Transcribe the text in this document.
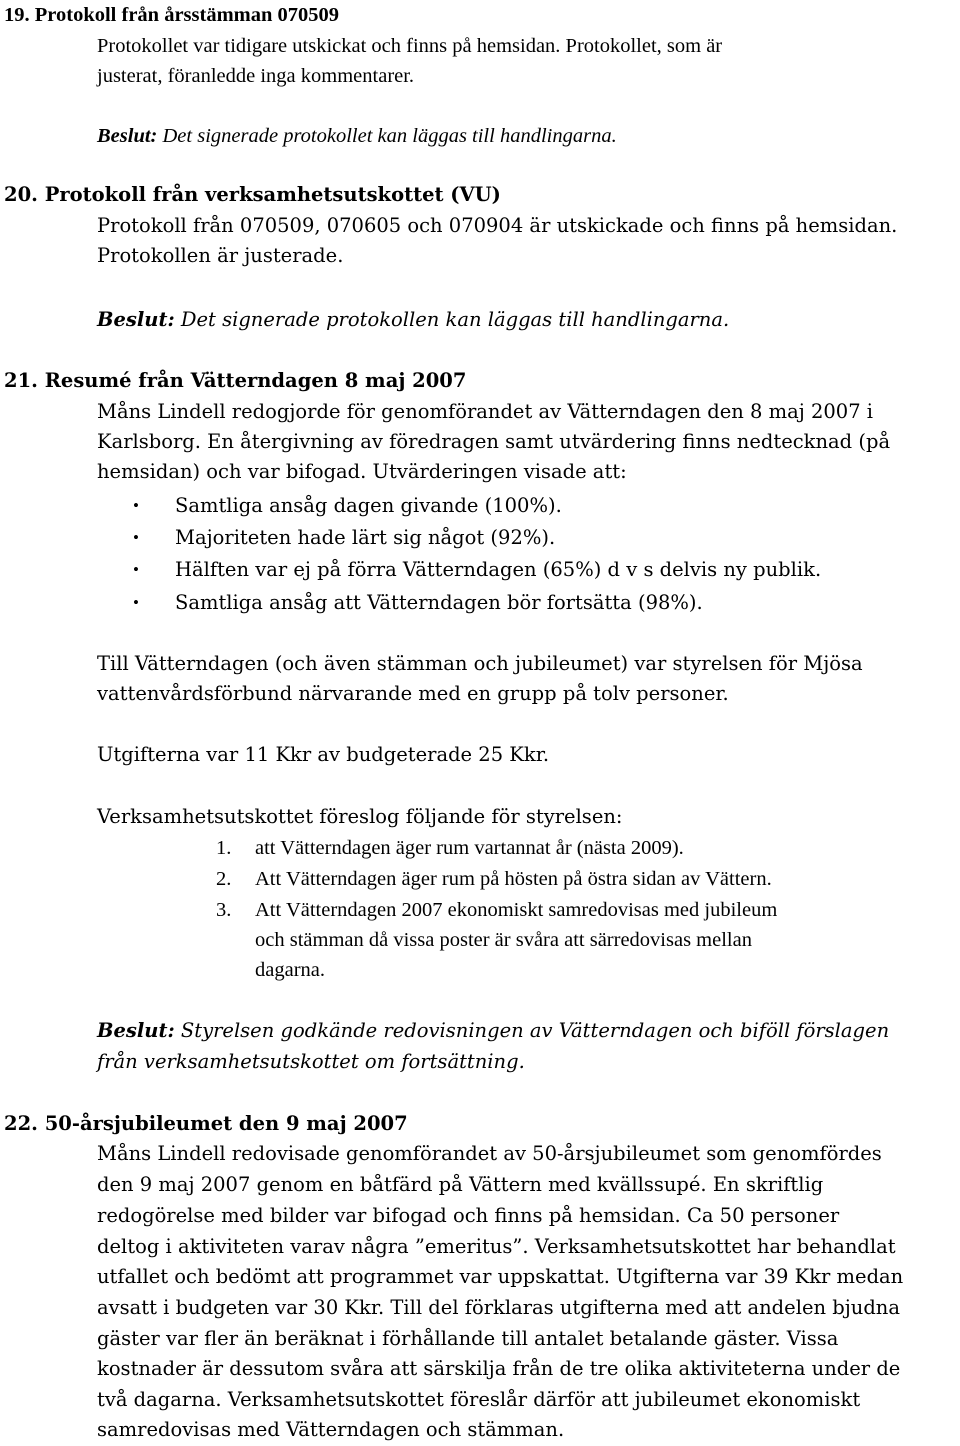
19. Protokoll från årsstämman 070509
Protokollet var tidigare utskickat och finns på hemsidan. Protokollet, som är
justerat, föranledde inga kommentarer.
Beslut: Det signerade protokollet kan läggas till handlingarna.
20. Protokoll från verksamhetsutskottet (VU)
Protokoll från 070509, 070605 och 070904 är utskickade och finns på hemsidan.
Protokollen är justerade.
Beslut: Det signerade protokollen kan läggas till handlingarna.
21. Resumé från Vätterndagen 8 maj 2007
Måns Lindell redogjorde för genomförandet av Vätterndagen den 8 maj 2007 i
Karlsborg. En återgivning av föredragen samt utvärdering finns nedtecknad (på
hemsidan) och var bifogad. Utvärderingen visade att:
• Samtliga ansåg dagen givande (100%).
• Majoriteten hade lärt sig något (92%).
• Hälften var ej på förra Vätterndagen (65%) d v s delvis ny publik.
• Samtliga ansåg att Vätterndagen bör fortsätta (98%).
Till Vätterndagen (och även stämman och jubileumet) var styrelsen för Mjösa
vattenvårdsförbund närvarande med en grupp på tolv personer.
Utgifterna var 11 Kkr av budgeterade 25 Kkr.
Verksamhetsutskottet föreslog följande för styrelsen:
1. att Vätterndagen äger rum vartannat år (nästa 2009).
2. Att Vätterndagen äger rum på hösten på östra sidan av Vättern.
3. Att Vätterndagen 2007 ekonomiskt samredovisas med jubileum
och stämman då vissa poster är svåra att särredovisas mellan
dagarna.
Beslut: Styrelsen godkände redovisningen av Vätterndagen och biföll förslagen
från verksamhetsutskottet om fortsättning.
22. 50-årsjubileumet den 9 maj 2007
Måns Lindell redovisade genomförandet av 50-årsjubileumet som genomfördes
den 9 maj 2007 genom en båtfärd på Vättern med kvällssupé. En skriftlig
redogörelse med bilder var bifogad och finns på hemsidan. Ca 50 personer
deltog i aktiviteten varav några ”emeritus”. Verksamhetsutskottet har behandlat
utfallet och bedömt att programmet var uppskattat. Utgifterna var 39 Kkr medan
avsatt i budgeten var 30 Kkr. Till del förklaras utgifterna med att andelen bjudna
gäster var fler än beräknat i förhållande till antalet betalande gäster. Vissa
kostnader är dessutom svåra att särskilja från de tre olika aktiviteterna under de
två dagarna. Verksamhetsutskottet föreslår därför att jubileumet ekonomiskt
samredovisas med Vätterndagen och stämman.
